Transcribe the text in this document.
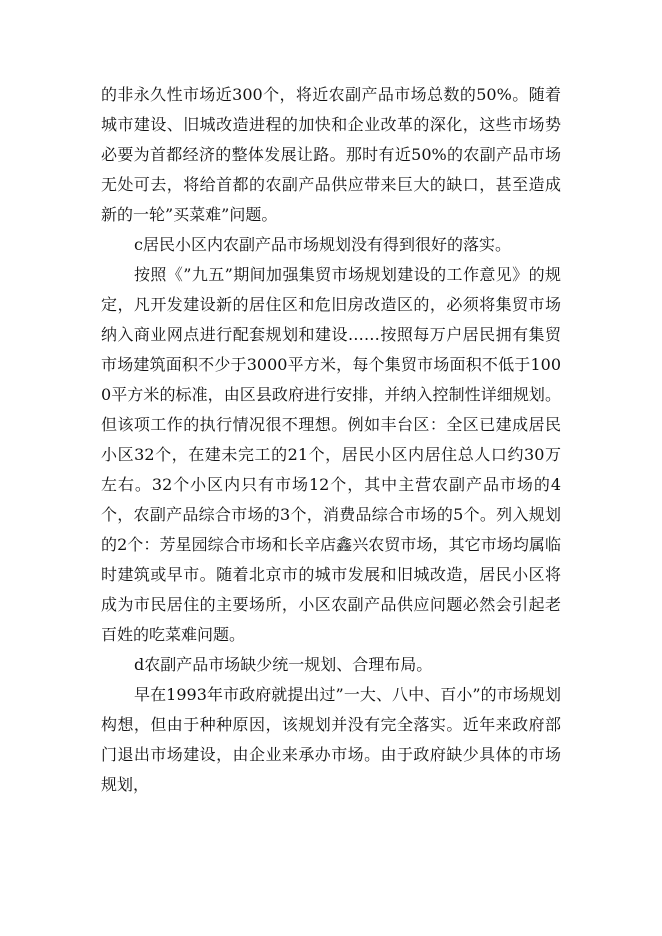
的非永久性市场近300个，将近农副产品市场总数的50%。随着城市建设、旧城改造进程的加快和企业改革的深化，这些市场势必要为首都经济的整体发展让路。那时有近50%的农副产品市场无处可去，将给首都的农副产品供应带来巨大的缺口，甚至造成新的一轮”买菜难”问题。

c居民小区内农副产品市场规划没有得到很好的落实。

按照《”九五”期间加强集贸市场规划建设的工作意见》的规定，凡开发建设新的居住区和危旧房改造区的，必须将集贸市场纳入商业网点进行配套规划和建设……按照每万户居民拥有集贸市场建筑面积不少于3000平方米，每个集贸市场面积不低于1000平方米的标准，由区县政府进行安排，并纳入控制性详细规划。但该项工作的执行情况很不理想。例如丰台区：全区已建成居民小区32个，在建未完工的21个，居民小区内居住总人口约30万左右。32个小区内只有市场12个，其中主营农副产品市场的4个，农副产品综合市场的3个，消费品综合市场的5个。列入规划的2个：芳星园综合市场和长辛店鑫兴农贸市场，其它市场均属临时建筑或早市。随着北京市的城市发展和旧城改造，居民小区将成为市民居住的主要场所，小区农副产品供应问题必然会引起老百姓的吃菜难问题。

d农副产品市场缺少统一规划、合理布局。

早在1993年市政府就提出过”一大、八中、百小”的市场规划构想，但由于种种原因，该规划并没有完全落实。近年来政府部门退出市场建设，由企业来承办市场。由于政府缺少具体的市场规划，
